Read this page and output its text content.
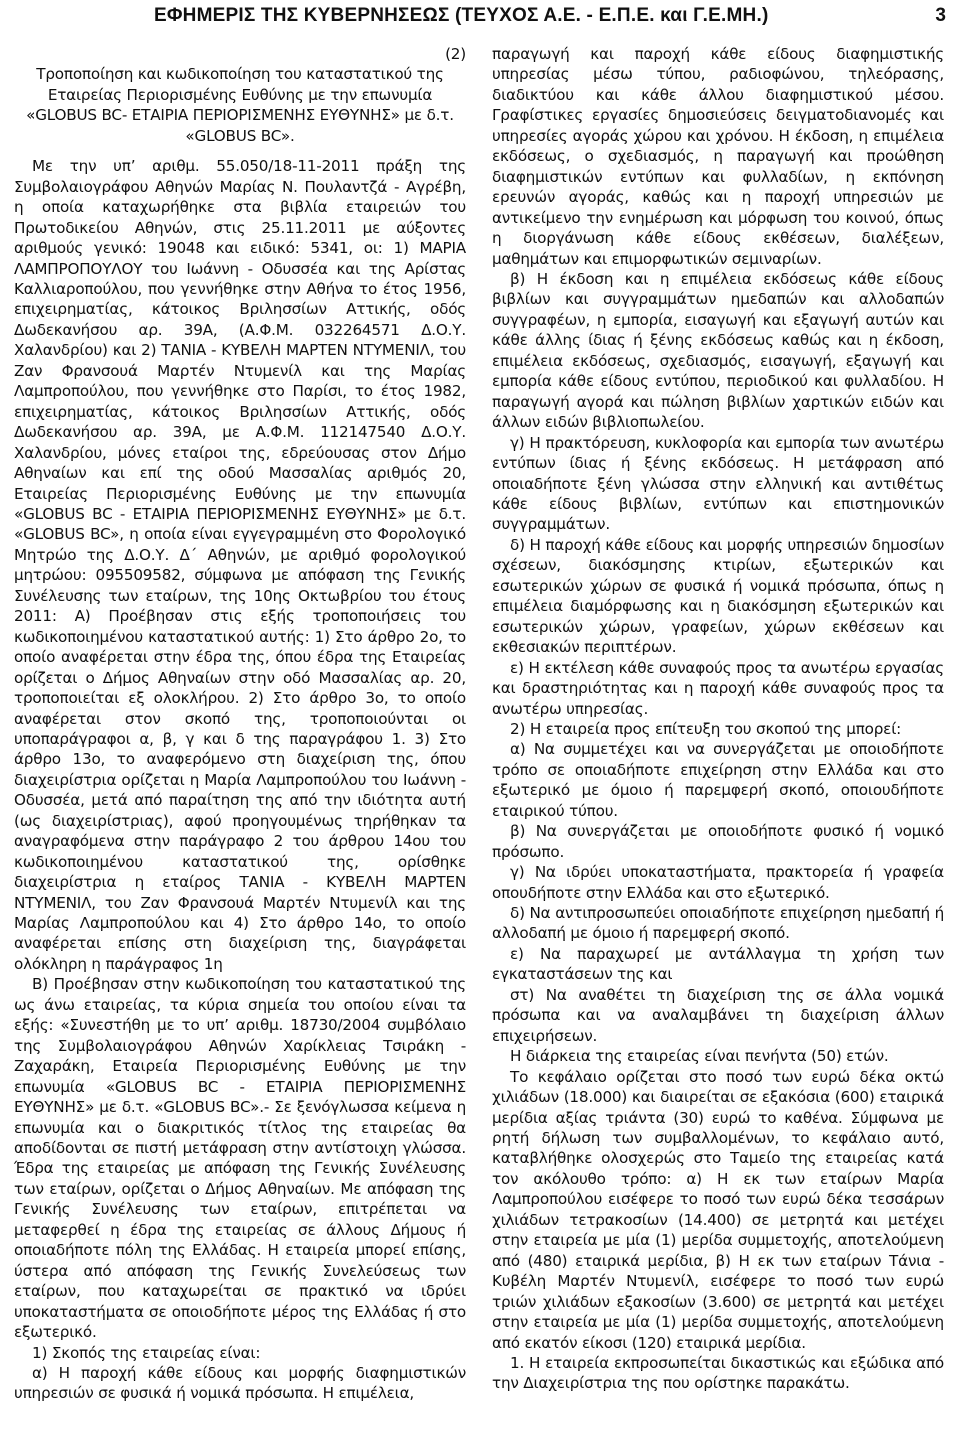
ΕΦΗΜΕΡΙΣ ΤΗΣ ΚΥΒΕΡΝΗΣΕΩΣ (ΤΕΥΧΟΣ Α.Ε. - Ε.Π.Ε. και Γ.Ε.ΜΗ.)	3

(2)

Τροποποίηση και κωδικοποίηση του καταστατικού της Εταιρείας Περιορισμένης Ευθύνης με την επωνυμία «GLOBUS BC- ΕΤΑΙΡΙΑ ΠΕΡΙΟΡΙΣΜΕΝΗΣ ΕΥΘΥΝΗΣ» με δ.τ. «GLOBUS BC».

Με την υπ’ αριθμ. 55.050/18-11-2011 πράξη της Συμβολαιογράφου Αθηνών Μαρίας Ν. Πουλαντζά - Αγρέβη, η οποία καταχωρήθηκε στα βιβλία εταιρειών του Πρωτοδικείου Αθηνών, στις 25.11.2011 με αύξοντες αριθμούς γενικό: 19048 και ειδικό: 5341, οι: 1) ΜΑΡΙΑ ΛΑΜΠΡΟΠΟΥΛΟΥ του Ιωάννη - Οδυσσέα και της Αρίστας Καλλιαροπούλου, που γεννήθηκε στην Αθήνα το έτος 1956, επιχειρηματίας, κάτοικος Βριλησσίων Αττικής, οδός Δωδεκανήσου αρ. 39Α, (Α.Φ.Μ. 032264571 Δ.Ο.Υ. Χαλανδρίου) και 2) ΤΑΝΙΑ - ΚΥΒΕΛΗ ΜΑΡΤΕΝ ΝΤΥΜΕΝΙΛ, του Ζαν Φρανσουά Μαρτέν Ντυμενίλ και της Μαρίας Λαμπροπούλου, που γεννήθηκε στο Παρίσι, το έτος 1982, επιχειρηματίας, κάτοικος Βριλησσίων Αττικής, οδός Δωδεκανήσου αρ. 39Α, με Α.Φ.Μ. 112147540 Δ.Ο.Υ. Χαλανδρίου, μόνες εταίροι της, εδρεύουσας στον Δήμο Αθηναίων και επί της οδού Μασσαλίας αριθμός 20, Εταιρείας Περιορισμένης Ευθύνης με την επωνυμία «GLOBUS BC - ΕΤΑΙΡΙΑ ΠΕΡΙΟΡΙΣΜΕΝΗΣ ΕΥΘΥΝΗΣ» με δ.τ. «GLOBUS BC», η οποία είναι εγγεγραμμένη στο Φορολογικό Μητρώο της Δ.Ο.Υ. Δ΄ Αθηνών, με αριθμό φορολογικού μητρώου: 095509582, σύμφωνα με απόφαση της Γενικής Συνέλευσης των εταίρων, της 10ης Οκτωβρίου του έτους 2011: Α) Προέβησαν στις εξής τροποποιήσεις του κωδικοποιημένου καταστατικού αυτής: 1) Στο άρθρο 2ο, το οποίο αναφέρεται στην έδρα της, όπου έδρα της Εταιρείας ορίζεται ο Δήμος Αθηναίων στην οδό Μασσαλίας αρ. 20, τροποποιείται εξ ολοκλήρου. 2) Στο άρθρο 3ο, το οποίο αναφέρεται στον σκοπό της, τροποποιούνται οι υποπαράγραφοι α, β, γ και δ της παραγράφου 1. 3) Στο άρθρο 13ο, το αναφερόμενο στη διαχείριση της, όπου διαχειρίστρια ορίζεται η Μαρία Λαμπροπούλου του Ιωάννη - Οδυσσέα, μετά από παραίτηση της από την ιδιότητα αυτή (ως διαχειρίστριας), αφού προηγουμένως τηρήθηκαν τα αναγραφόμενα στην παράγραφο 2 του άρθρου 14ου του κωδικοποιημένου καταστατικού της, ορίσθηκε διαχειρίστρια η εταίρος ΤΑΝΙΑ - ΚΥΒΕΛΗ ΜΑΡΤΕΝ ΝΤΥΜΕΝΙΛ, του Ζαν Φρανσουά Μαρτέν Ντυμενίλ και της Μαρίας Λαμπροπούλου και 4) Στο άρθρο 14ο, το οποίο αναφέρεται επίσης στη διαχείριση της, διαγράφεται ολόκληρη η παράγραφος 1η

Β) Προέβησαν στην κωδικοποίηση του καταστατικού της ως άνω εταιρείας, τα κύρια σημεία του οποίου είναι τα εξής: «Συνεστήθη με το υπ’ αριθμ. 18730/2004 συμβόλαιο της Συμβολαιογράφου Αθηνών Χαρίκλειας Τσιράκη - Ζαχαράκη, Εταιρεία Περιορισμένης Ευθύνης με την επωνυμία «GLOBUS BC - ΕΤΑΙΡΙΑ ΠΕΡΙΟΡΙΣΜΕΝΗΣ ΕΥΘΥΝΗΣ» με δ.τ. «GLOBUS BC».- Σε ξενόγλωσσα κείμενα η επωνυμία και ο διακριτικός τίτλος της εταιρείας θα αποδίδονται σε πιστή μετάφραση στην αντίστοιχη γλώσσα. Έδρα της εταιρείας με απόφαση της Γενικής Συνέλευσης των εταίρων, ορίζεται ο Δήμος Αθηναίων. Με απόφαση της Γενικής Συνέλευσης των εταίρων, επιτρέπεται να μεταφερθεί η έδρα της εταιρείας σε άλλους Δήμους ή οποιαδήποτε πόλη της Ελλάδας. Η εταιρεία μπορεί επίσης, ύστερα από απόφαση της Γενικής Συνελεύσεως των εταίρων, που καταχωρείται σε πρακτικό να ιδρύει υποκαταστήματα σε οποιοδήποτε μέρος της Ελλάδας ή στο εξωτερικό.

1) Σκοπός της εταιρείας είναι:

α) Η παροχή κάθε είδους και μορφής διαφημιστικών υπηρεσιών σε φυσικά ή νομικά πρόσωπα. Η επιμέλεια,

παραγωγή και παροχή κάθε είδους διαφημιστικής υπηρεσίας μέσω τύπου, ραδιοφώνου, τηλεόρασης, διαδικτύου και κάθε άλλου διαφημιστικού μέσου. Γραφίστικες εργασίες δημοσιεύσεις δειγματοδιανομές και υπηρεσίες αγοράς χώρου και χρόνου. Η έκδοση, η επιμέλεια εκδόσεως, ο σχεδιασμός, η παραγωγή και προώθηση διαφημιστικών εντύπων και φυλλαδίων, η εκπόνηση ερευνών αγοράς, καθώς και η παροχή υπηρεσιών με αντικείμενο την ενημέρωση και μόρφωση του κοινού, όπως η διοργάνωση κάθε είδους εκθέσεων, διαλέξεων, μαθημάτων και επιμορφωτικών σεμιναρίων.

β) Η έκδοση και η επιμέλεια εκδόσεως κάθε είδους βιβλίων και συγγραμμάτων ημεδαπών και αλλοδαπών συγγραφέων, η εμπορία, εισαγωγή και εξαγωγή αυτών και κάθε άλλης ίδιας ή ξένης εκδόσεως καθώς και η έκδοση, επιμέλεια εκδόσεως, σχεδιασμός, εισαγωγή, εξαγωγή και εμπορία κάθε είδους εντύπου, περιοδικού και φυλλαδίου. Η παραγωγή αγορά και πώληση βιβλίων χαρτικών ειδών και άλλων ειδών βιβλιοπωλείου.

γ) Η πρακτόρευση, κυκλοφορία και εμπορία των ανωτέρω εντύπων ίδιας ή ξένης εκδόσεως. Η μετάφραση από οποιαδήποτε ξένη γλώσσα στην ελληνική και αντιθέτως κάθε είδους βιβλίων, εντύπων και επιστημονικών συγγραμμάτων.

δ) Η παροχή κάθε είδους και μορφής υπηρεσιών δημοσίων σχέσεων, διακόσμησης κτιρίων, εξωτερικών και εσωτερικών χώρων σε φυσικά ή νομικά πρόσωπα, όπως η επιμέλεια διαμόρφωσης και η διακόσμηση εξωτερικών και εσωτερικών χώρων, γραφείων, χώρων εκθέσεων και εκθεσιακών περιπτέρων.

ε) Η εκτέλεση κάθε συναφούς προς τα ανωτέρω εργασίας και δραστηριότητας και η παροχή κάθε συναφούς προς τα ανωτέρω υπηρεσίας.

2) Η εταιρεία προς επίτευξη του σκοπού της μπορεί:

α) Να συμμετέχει και να συνεργάζεται με οποιοδήποτε τρόπο σε οποιαδήποτε επιχείρηση στην Ελλάδα και στο εξωτερικό με όμοιο ή παρεμφερή σκοπό, οποιουδήποτε εταιρικού τύπου.

β) Να συνεργάζεται με οποιοδήποτε φυσικό ή νομικό πρόσωπο.

γ) Να ιδρύει υποκαταστήματα, πρακτορεία ή γραφεία οπουδήποτε στην Ελλάδα και στο εξωτερικό.

δ) Να αντιπροσωπεύει οποιαδήποτε επιχείρηση ημεδαπή ή αλλοδαπή με όμοιο ή παρεμφερή σκοπό.

ε) Να παραχωρεί με αντάλλαγμα τη χρήση των εγκαταστάσεων της και

στ) Να αναθέτει τη διαχείριση της σε άλλα νομικά πρόσωπα και να αναλαμβάνει τη διαχείριση άλλων επιχειρήσεων.

Η διάρκεια της εταιρείας είναι πενήντα (50) ετών.

Το κεφάλαιο ορίζεται στο ποσό των ευρώ δέκα οκτώ χιλιάδων (18.000) και διαιρείται σε εξακόσια (600) εταιρικά μερίδια αξίας τριάντα (30) ευρώ το καθένα. Σύμφωνα με ρητή δήλωση των συμβαλλομένων, το κεφάλαιο αυτό, καταβλήθηκε ολοσχερώς στο Ταμείο της εταιρείας κατά τον ακόλουθο τρόπο: α) Η εκ των εταίρων Μαρία Λαμπροπούλου εισέφερε το ποσό των ευρώ δέκα τεσσάρων χιλιάδων τετρακοσίων (14.400) σε μετρητά και μετέχει στην εταιρεία με μία (1) μερίδα συμμετοχής, αποτελούμενη από (480) εταιρικά μερίδια, β) Η εκ των εταίρων Τάνια - Κυβέλη Μαρτέν Ντυμενίλ, εισέφερε το ποσό των ευρώ τριών χιλιάδων εξακοσίων (3.600) σε μετρητά και μετέχει στην εταιρεία με μία (1) μερίδα συμμετοχής, αποτελούμενη από εκατόν είκοσι (120) εταιρικά μερίδια.

1. Η εταιρεία εκπροσωπείται δικαστικώς και εξώδικα από την Διαχειρίστρια της που ορίστηκε παρακάτω.
